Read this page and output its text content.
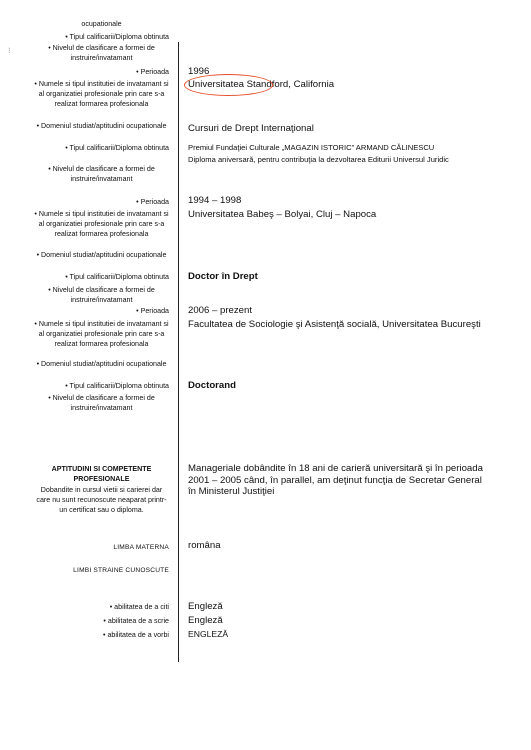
⁝
ocupationale
• Tipul calificarii/Diploma obtinuta
• Nivelul de clasificare a formei de instruire/invatamant
• Perioada
• Numele si tipul institutiei de invatamant si al organizatiei profesionale prin care s-a realizat formarea profesionala
• Domeniul studiat/aptitudini ocupationale
• Tipul calificarii/Diploma obtinuta
• Nivelul de clasificare a formei de instruire/invatamant
1996
Universitatea Standford, California
Cursuri de Drept Internaţional
Premiul Fundaţiei Culturale „MAGAZIN ISTORIC” ARMAND CĂLINESCU
Diploma aniversară, pentru contribuţia la dezvoltarea Editurii Universul Juridic
• Perioada
• Numele si tipul institutiei de invatamant si al organizatiei profesionale prin care s-a realizat formarea profesionala
• Domeniul studiat/aptitudini ocupationale
• Tipul calificarii/Diploma obtinuta
• Nivelul de clasificare a formei de instruire/invatamant
1994 – 1998
Universitatea Babeş – Bolyai, Cluj – Napoca
Doctor în Drept
• Perioada
• Numele si tipul institutiei de invatamant si al organizatiei profesionale prin care s-a realizat formarea profesionala
• Domeniul studiat/aptitudini ocupationale
• Tipul calificarii/Diploma obtinuta
• Nivelul de clasificare a formei de instruire/invatamant
2006 – prezent
Facultatea de Sociologie şi Asistenţă socială, Universitatea Bucureşti
Doctorand
APTITUDINI SI COMPETENTE PROFESIONALE
Dobandite in cursul vietii si carierei dar care nu sunt recunoscute neaparat printr-un certificat sau o diploma.
Manageriale dobândite în 18 ani de carieră universitară şi în perioada 2001 – 2005 când, în parallel, am deţinut funcţia de Secretar General în Ministerul Justiţiei
LIMBA MATERNA româna
LIMBI STRAINE CUNOSCUTE
• abilitatea de a citi Engleză
• abilitatea de a scrie Engleză
• abilitatea de a vorbi ENGLEZĂ
